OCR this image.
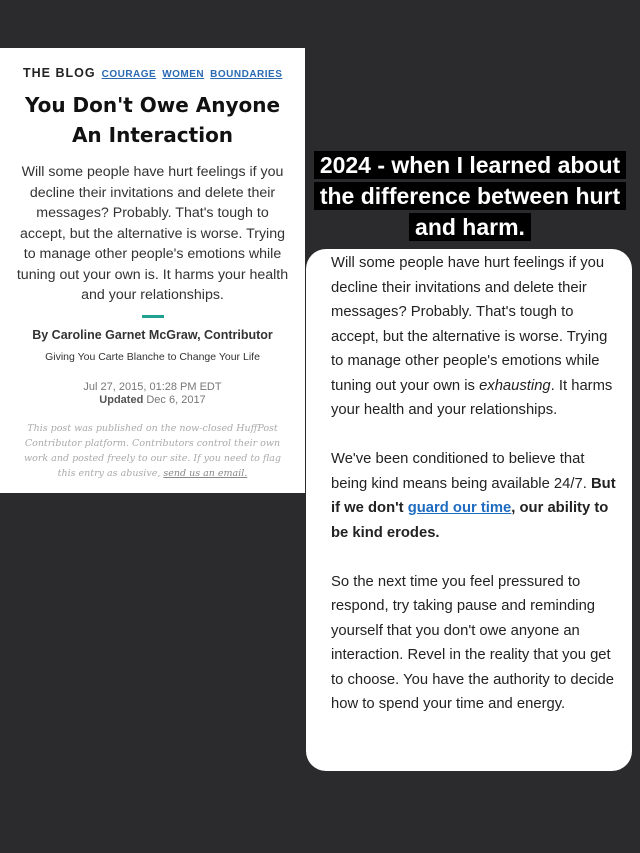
THE BLOG COURAGE WOMEN BOUNDARIES
You Don't Owe Anyone
An Interaction

Will some people have hurt feelings if you decline their invitations and delete their messages? Probably. That's tough to accept, but the alternative is worse. Trying to manage other people's emotions while tuning out your own is. It harms your health and your relationships.

By Caroline Garnet McGraw, Contributor
Giving You Carte Blanche to Change Your Life
Jul 27, 2015, 01:28 PM EDT
Updated Dec 6, 2017
This post was published on the now-closed HuffPost Contributor platform. Contributors control their own work and posted freely to our site. If you need to flag this entry as abusive, send us an email.
2024 - when I learned about
the difference between hurt
and harm.

Will some people have hurt feelings if you decline their invitations and delete their messages? Probably. That's tough to accept, but the alternative is worse. Trying to manage other people's emotions while tuning out your own is exhausting. It harms your health and your relationships.

We've been conditioned to believe that being kind means being available 24/7. But if we don't guard our time, our ability to be kind erodes.

So the next time you feel pressured to respond, try taking pause and reminding yourself that you don't owe anyone an interaction. Revel in the reality that you get to choose. You have the authority to decide how to spend your time and energy.
